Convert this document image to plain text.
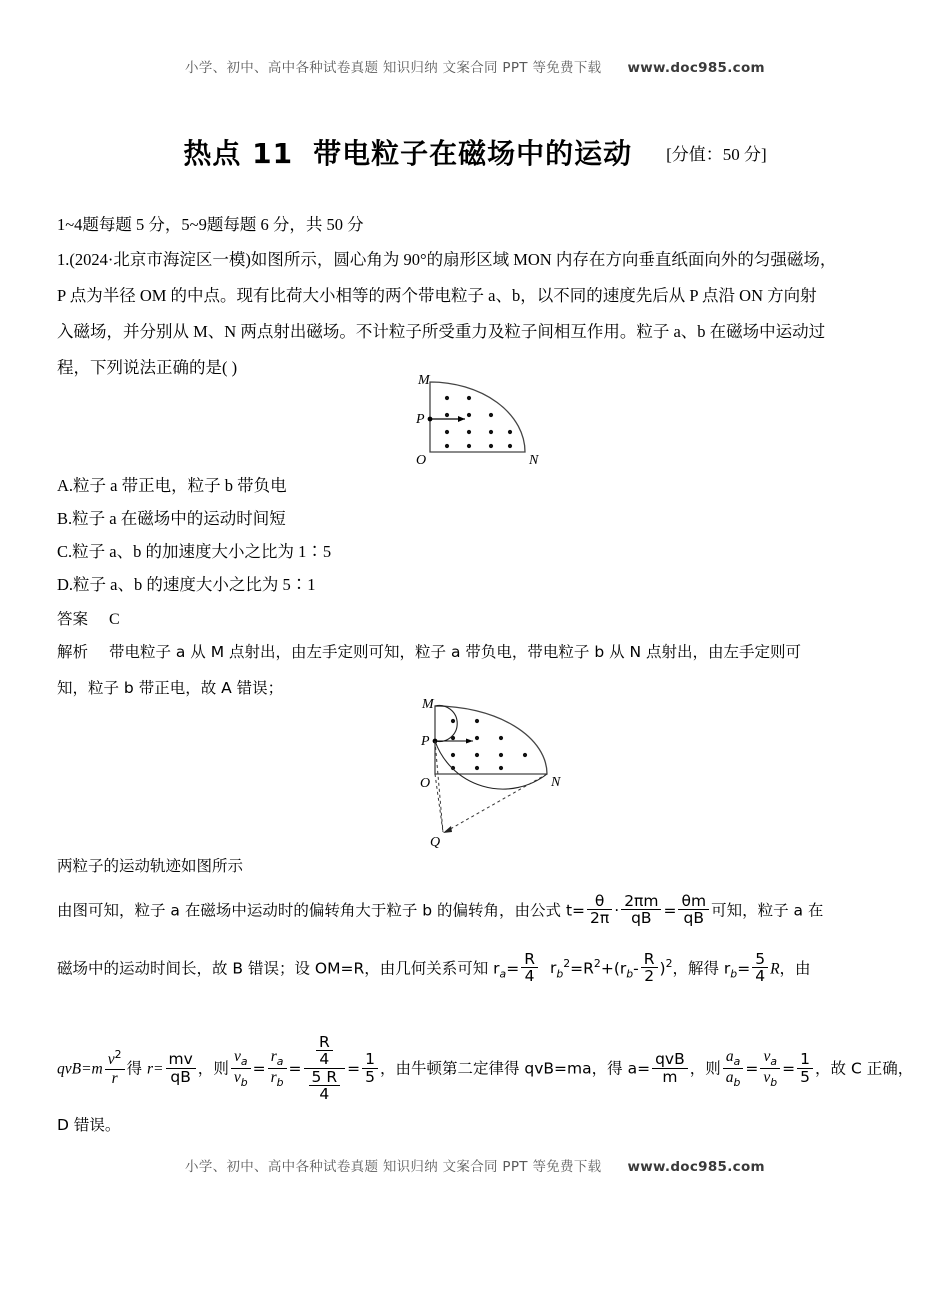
小学、初中、高中各种试卷真题 知识归纳 文案合同 PPT 等免费下载 www.doc985.com
热点 11 带电粒子在磁场中的运动 [分值：50 分]
1~4题每题 5 分，5~9题每题 6 分，共 50 分
1.(2024·北京市海淀区一模)如图所示，圆心角为 90°的扇形区域 MON 内存在方向垂直纸面向外的匀强磁场，
P 点为半径 OM 的中点。现有比荷大小相等的两个带电粒子 a、b，以不同的速度先后从 P 点沿 ON 方向射
入磁场，并分别从 M、N 两点射出磁场。不计粒子所受重力及粒子间相互作用。粒子 a、b 在磁场中运动过
程，下列说法正确的是( )
M
P
O	N
A.粒子 a 带正电，粒子 b 带负电
B.粒子 a 在磁场中的运动时间短
C.粒子 a、b 的加速度大小之比为 1∶5
D.粒子 a、b 的速度大小之比为 5∶1
答案 C
解析 带电粒子 a 从 M 点射出，由左手定则可知，粒子 a 带负电，带电粒子 b 从 N 点射出，由左手定则可
知，粒子 b 带正电，故 A 错误；
M
P
O	N
Q
两粒子的运动轨迹如图所示
由图可知，粒子 a 在磁场中运动时的偏转角大于粒子 b 的偏转角，由公式 $t= \frac{\theta}{2\pi} \cdot \frac{2\pi m}{qB} = \frac{\theta m}{qB}$ 可知，粒子 a 在
磁场中的运动时间长，故 B 错误；设 OM=R，由几何关系可知 $r_a= \frac{R}{4} r_b^2=R^2+(r_b- \frac{R}{2} )^2$，解得 $r_b= \frac{5}{4}$ R，由
$qvB=m \frac{v^2}{r}$ 得 $r= \frac{mv}{qB}$ ，则 $\frac{v_a}{v_b} = \frac{r_a}{r_b} = \frac{\frac{R}{4}}{\frac{5 R}{4}} = \frac{1}{5}$ ，由牛顿第二定律得 qvB=ma，得 $a= \frac{\text{qvB}}{m}$ ，则 $\frac{a_a}{a_b} = \frac{v_a}{v_b} = \frac{1}{5}$ ，故 C 正确，
D 错误。
小学、初中、高中各种试卷真题 知识归纳 文案合同 PPT 等免费下载 www.doc985.com
